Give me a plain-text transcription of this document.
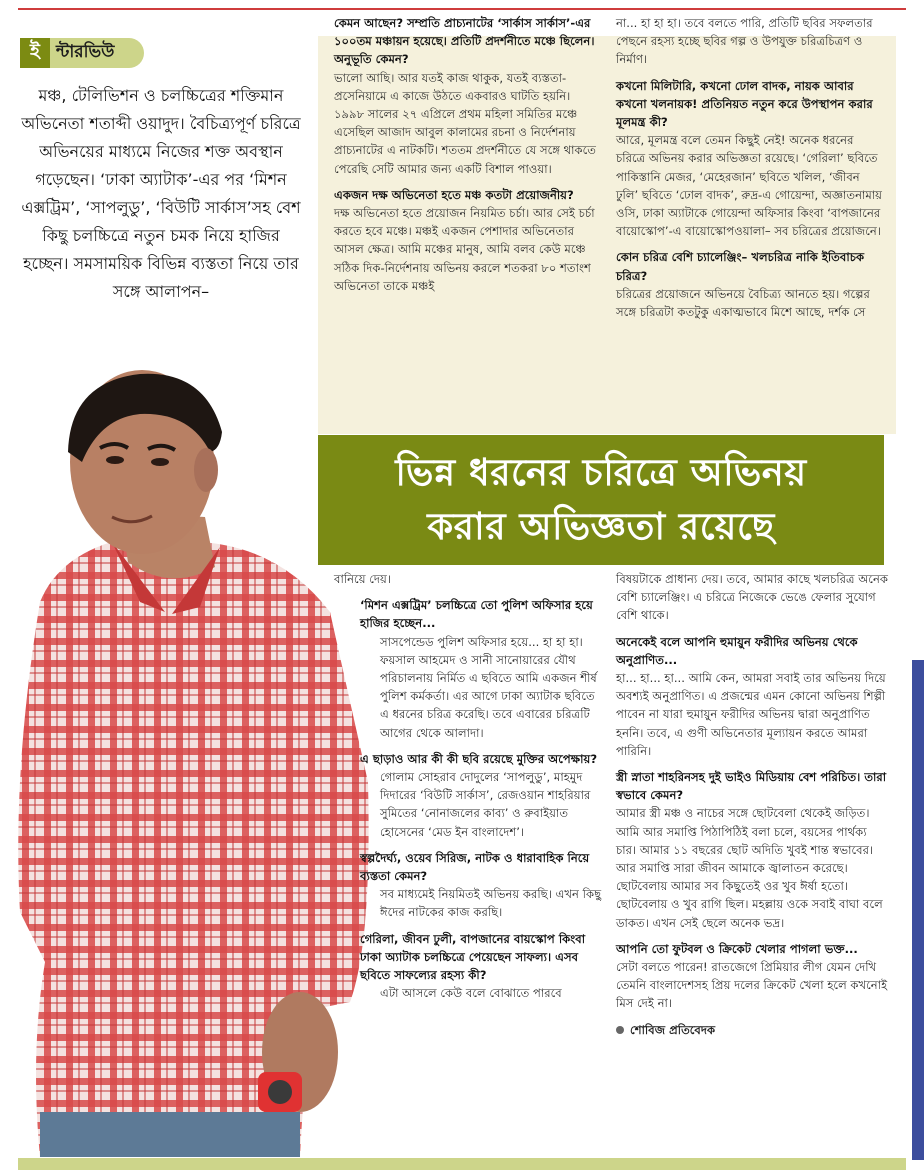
ই ন্টারভিউ
মঞ্চ, টেলিভিশন ও চলচ্চিত্রের শক্তিমান অভিনেতা শতাব্দী ওয়াদুদ। বৈচিত্র্যপূর্ণ চরিত্রে অভিনয়ের মাধ্যমে নিজের শক্ত অবস্থান গড়েছেন। ‘ঢাকা অ্যাটাক’-এর পর ‘মিশন এক্সট্রিম’, ‘সাপলুডু’, ‘বিউটি সার্কাস’সহ বেশ কিছু চলচ্চিত্রে নতুন চমক নিয়ে হাজির হচ্ছেন। সমসাময়িক বিভিন্ন ব্যস্ততা নিয়ে তার সঙ্গে আলাপন–
কেমন আছেন? সম্প্রতি প্রাচ্যনাটের ‘সার্কাস সার্কাস’-এর ১০০তম মঞ্চায়ন হয়েছে। প্রতিটি প্রদর্শনীতে মঞ্চে ছিলেন। অনুভূতি কেমন?
ভালো আছি। আর যতই কাজ থাকুক, যতই ব্যস্ততা-প্রসেনিয়ামে এ কাজে উঠতে একবারও ঘাটতি হয়নি। ১৯৯৮ সালের ২৭ এপ্রিলে প্রথম মহিলা সমিতির মঞ্চে এসেছিল আজাদ আবুল কালামের রচনা ও নির্দেশনায় প্রাচ্যনাটের এ নাটকটি। শততম প্রদর্শনীতে যে সঙ্গে থাকতে পেরেছি সেটি আমার জন্য একটি বিশাল পাওয়া।
একজন দক্ষ অভিনেতা হতে মঞ্চ কতটা প্রয়োজনীয়?
দক্ষ অভিনেতা হতে প্রয়োজন নিয়মিত চর্চা। আর সেই চর্চা করতে হবে মঞ্চে। মঞ্চই একজন পেশাদার অভিনেতার আসল ক্ষেত্র। আমি মঞ্চের মানুষ, আমি বলব কেউ মঞ্চে সঠিক দিক-নির্দেশনায় অভিনয় করলে শতকরা ৮০ শতাংশ অভিনেতা তাকে মঞ্চই
না... হা হা হা। তবে বলতে পারি, প্রতিটি ছবির সফলতার পেছনে রহস্য হচ্ছে ছবির গল্প ও উপযুক্ত চরিত্রচিত্রণ ও নির্মাণ।
কখনো মিলিটারি, কখনো ঢোল বাদক, নায়ক আবার কখনো খলনায়ক! প্রতিনিয়ত নতুন করে উপস্থাপন করার মূলমন্ত্র কী?
আরে, মূলমন্ত্র বলে তেমন কিছুই নেই! অনেক ধরনের চরিত্রে অভিনয় করার অভিজ্ঞতা রয়েছে। ‘গেরিলা’ ছবিতে পাকিস্তানি মেজর, ‘মেহেরজান’ ছবিতে খলিল, ‘জীবন ঢুলি’ ছবিতে ‘ঢোল বাদক’, রুদ্র-এ গোয়েন্দা, অজ্ঞাতনামায় ওসি, ঢাকা অ্যাটাকে গোয়েন্দা অফিসার কিংবা ‘বাপজানের বায়োস্কোপ’-এ বায়োস্কোপওয়ালা– সব চরিত্রের প্রয়োজনে।
কোন চরিত্র বেশি চ্যালেঞ্জিং– খলচরিত্র নাকি ইতিবাচক চরিত্র?
চরিত্রের প্রয়োজনে অভিনয়ে বৈচিত্র্য আনতে হয়। গল্পের সঙ্গে চরিত্রটা কতটুকু একাত্মভাবে মিশে আছে, দর্শক সে
ভিন্ন ধরনের চরিত্রে অভিনয়
করার অভিজ্ঞতা রয়েছে
বানিয়ে দেয়।
‘মিশন এক্সট্রিম’ চলচ্চিত্রে তো পুলিশ অফিসার হয়ে হাজির হচ্ছেন...
সাসপেন্ডেড পুলিশ অফিসার হয়ে... হা হা হা। ফয়সাল আহমেদ ও সানী সানোয়ারের যৌথ পরিচালনায় নির্মিত এ ছবিতে আমি একজন শীর্ষ পুলিশ কর্মকর্তা। এর আগে ঢাকা অ্যাটাক ছবিতে এ ধরনের চরিত্র করেছি। তবে এবারের চরিত্রটি আগের থেকে আলাদা।
এ ছাড়াও আর কী কী ছবি রয়েছে মুক্তির অপেক্ষায়?
গোলাম সোহরাব দোদুলের ‘সাপলুডু’, মাহমুদ দিদারের ‘বিউটি সার্কাস’, রেজওয়ান শাহরিয়ার সুমিতের ‘নোনাজলের কাব্য’ ও রুবাইয়াত হোসেনের ‘মেড ইন বাংলাদেশ’।
স্বল্পদৈর্ঘ্য, ওয়েব সিরিজ, নাটক ও ধারাবাহিক নিয়ে ব্যস্ততা কেমন?
সব মাধ্যমেই নিয়মিতই অভিনয় করছি। এখন কিছু ঈদের নাটকের কাজ করছি।
গেরিলা, জীবন ঢুলী, বাপজানের বায়স্কোপ কিংবা ঢাকা অ্যাটাক চলচ্চিত্রে পেয়েছেন সাফল্য। এসব ছবিতে সাফল্যের রহস্য কী?
এটা আসলে কেউ বলে বোঝাতে পারবে
বিষয়টাকে প্রাধান্য দেয়। তবে, আমার কাছে খলচরিত্র অনেক বেশি চ্যালেঞ্জিং। এ চরিত্রে নিজেকে ভেঙে ফেলার সুযোগ বেশি থাকে।
অনেকেই বলে আপনি হুমায়ুন ফরীদির অভিনয় থেকে অনুপ্রাণিত...
হা... হা... হা... আমি কেন, আমরা সবাই তার অভিনয় দিয়ে অবশ্যই অনুপ্রাণিত। এ প্রজন্মের এমন কোনো অভিনয় শিল্পী পাবেন না যারা হুমায়ুন ফরীদির অভিনয় দ্বারা অনুপ্রাণিত হননি। তবে, এ গুণী অভিনেতার মূল্যায়ন করতে আমরা পারিনি।
স্ত্রী স্নাতা শাহরিনসহ দুই ভাইও মিডিয়ায় বেশ পরিচিত। তারা স্বভাবে কেমন?
আমার স্ত্রী মঞ্চ ও নাচের সঙ্গে ছোটবেলা থেকেই জড়িত। আমি আর সমাপ্তি পিঠাপিঠিই বলা চলে, বয়সের পার্থক্য চার। আমার ১১ বছরের ছোট অদিতি খুবই শান্ত স্বভাবের। আর সমাপ্তি সারা জীবন আমাকে জ্বালাতন করেছে। ছোটবেলায় আমার সব কিছুতেই ওর খুব ঈর্ষা হতো। ছোটবেলায় ও খুব রাগি ছিল। মহল্লায় ওকে সবাই বাঘা বলে ডাকত। এখন সেই ছেলে অনেক ভদ্র।
আপনি তো ফুটবল ও ক্রিকেট খেলার পাগলা ভক্ত...
সেটা বলতে পারেন! রাতজেগে প্রিমিয়ার লীগ যেমন দেখি তেমনি বাংলাদেশসহ প্রিয় দলের ক্রিকেট খেলা হলে কখনোই মিস দেই না।
শোবিজ প্রতিবেদক
